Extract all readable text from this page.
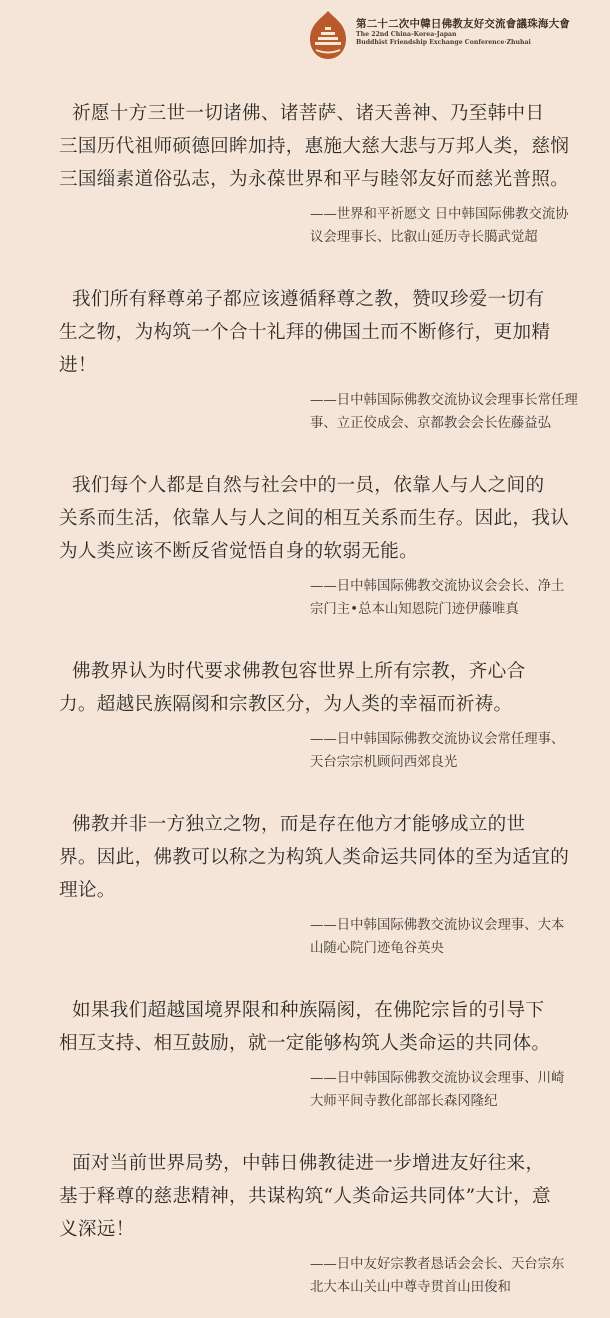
第二十二次中韓日佛教友好交流會議珠海大會
The 22nd China-Korea-Japan
Buddhist Friendship Exchange Conference·Zhuhai

祈愿十方三世一切诸佛、诸菩萨、诸天善神、乃至韩中日
三国历代祖师硕德回眸加持，惠施大慈大悲与万邦人类，慈悯
三国缁素道俗弘志，为永葆世界和平与睦邻友好而慈光普照。

——世界和平祈愿文 日中韩国际佛教交流协
议会理事长、比叡山延历寺长臈武觉超

我们所有释尊弟子都应该遵循释尊之教，赞叹珍爱一切有
生之物，为构筑一个合十礼拜的佛国土而不断修行，更加精
进！

——日中韩国际佛教交流协议会理事长常任理
事、立正佼成会、京都教会会长佐藤益弘

我们每个人都是自然与社会中的一员，依靠人与人之间的
关系而生活，依靠人与人之间的相互关系而生存。因此，我认
为人类应该不断反省觉悟自身的软弱无能。

——日中韩国际佛教交流协议会会长、净土
宗门主•总本山知恩院门迹伊藤唯真

佛教界认为时代要求佛教包容世界上所有宗教，齐心合
力。超越民族隔阂和宗教区分，为人类的幸福而祈祷。

——日中韩国际佛教交流协议会常任理事、
天台宗宗机顾问西郊良光

佛教并非一方独立之物，而是存在他方才能够成立的世
界。因此，佛教可以称之为构筑人类命运共同体的至为适宜的
理论。

——日中韩国际佛教交流协议会理事、大本
山随心院门迹龟谷英央

如果我们超越国境界限和种族隔阂，在佛陀宗旨的引导下
相互支持、相互鼓励，就一定能够构筑人类命运的共同体。

——日中韩国际佛教交流协议会理事、川崎
大师平间寺教化部部长森冈隆纪

面对当前世界局势，中韩日佛教徒进一步增进友好往来，
基于释尊的慈悲精神，共谋构筑“人类命运共同体”大计，意
义深远！

——日中友好宗教者恳话会会长、天台宗东
北大本山关山中尊寺贯首山田俊和
